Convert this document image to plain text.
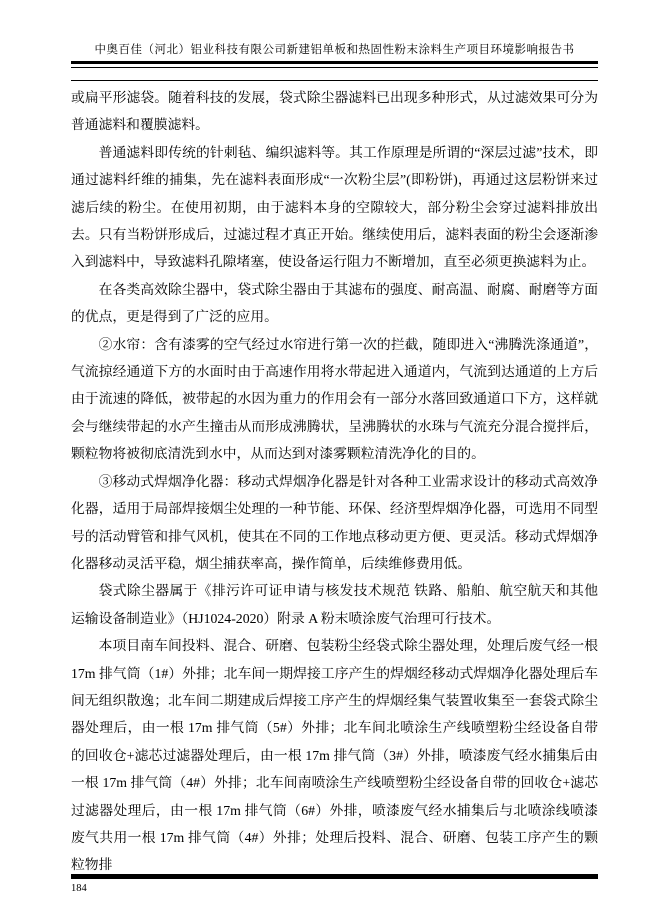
中奥百佳（河北）铝业科技有限公司新建铝单板和热固性粉末涂料生产项目环境影响报告书

或扁平形滤袋。随着科技的发展，袋式除尘器滤料已出现多种形式，从过滤效果可分为普通滤料和覆膜滤料。

普通滤料即传统的针刺毡、编织滤料等。其工作原理是所谓的“深层过滤”技术，即通过滤料纤维的捕集，先在滤料表面形成“一次粉尘层”(即粉饼)，再通过这层粉饼来过滤后续的粉尘。在使用初期，由于滤料本身的空隙较大，部分粉尘会穿过滤料排放出去。只有当粉饼形成后，过滤过程才真正开始。继续使用后，滤料表面的粉尘会逐渐渗入到滤料中，导致滤料孔隙堵塞，使设备运行阻力不断增加，直至必须更换滤料为止。

在各类高效除尘器中，袋式除尘器由于其滤布的强度、耐高温、耐腐、耐磨等方面的优点，更是得到了广泛的应用。

②水帘：含有漆雾的空气经过水帘进行第一次的拦截，随即进入“沸腾洗涤通道”，气流掠经通道下方的水面时由于高速作用将水带起进入通道内，气流到达通道的上方后由于流速的降低，被带起的水因为重力的作用会有一部分水落回致通道口下方，这样就会与继续带起的水产生撞击从而形成沸腾状，呈沸腾状的水珠与气流充分混合搅拌后，颗粒物将被彻底清洗到水中，从而达到对漆雾颗粒清洗净化的目的。

③移动式焊烟净化器：移动式焊烟净化器是针对各种工业需求设计的移动式高效净化器，适用于局部焊接烟尘处理的一种节能、环保、经济型焊烟净化器，可选用不同型号的活动臂管和排气风机，使其在不同的工作地点移动更方便、更灵活。移动式焊烟净化器移动灵活平稳，烟尘捕获率高，操作简单，后续维修费用低。

袋式除尘器属于《排污许可证申请与核发技术规范 铁路、船舶、航空航天和其他运输设备制造业》（HJ1024-2020）附录 A 粉末喷涂废气治理可行技术。

本项目南车间投料、混合、研磨、包装粉尘经袋式除尘器处理，处理后废气经一根 17m 排气筒（1#）外排；北车间一期焊接工序产生的焊烟经移动式焊烟净化器处理后车间无组织散逸；北车间二期建成后焊接工序产生的焊烟经集气装置收集至一套袋式除尘器处理后，由一根 17m 排气筒（5#）外排；北车间北喷涂生产线喷塑粉尘经设备自带的回收仓+滤芯过滤器处理后，由一根 17m 排气筒（3#）外排，喷漆废气经水捕集后由一根 17m 排气筒（4#）外排；北车间南喷涂生产线喷塑粉尘经设备自带的回收仓+滤芯过滤器处理后，由一根 17m 排气筒（6#）外排，喷漆废气经水捕集后与北喷涂线喷漆废气共用一根 17m 排气筒（4#）外排；处理后投料、混合、研磨、包装工序产生的颗粒物排

184
